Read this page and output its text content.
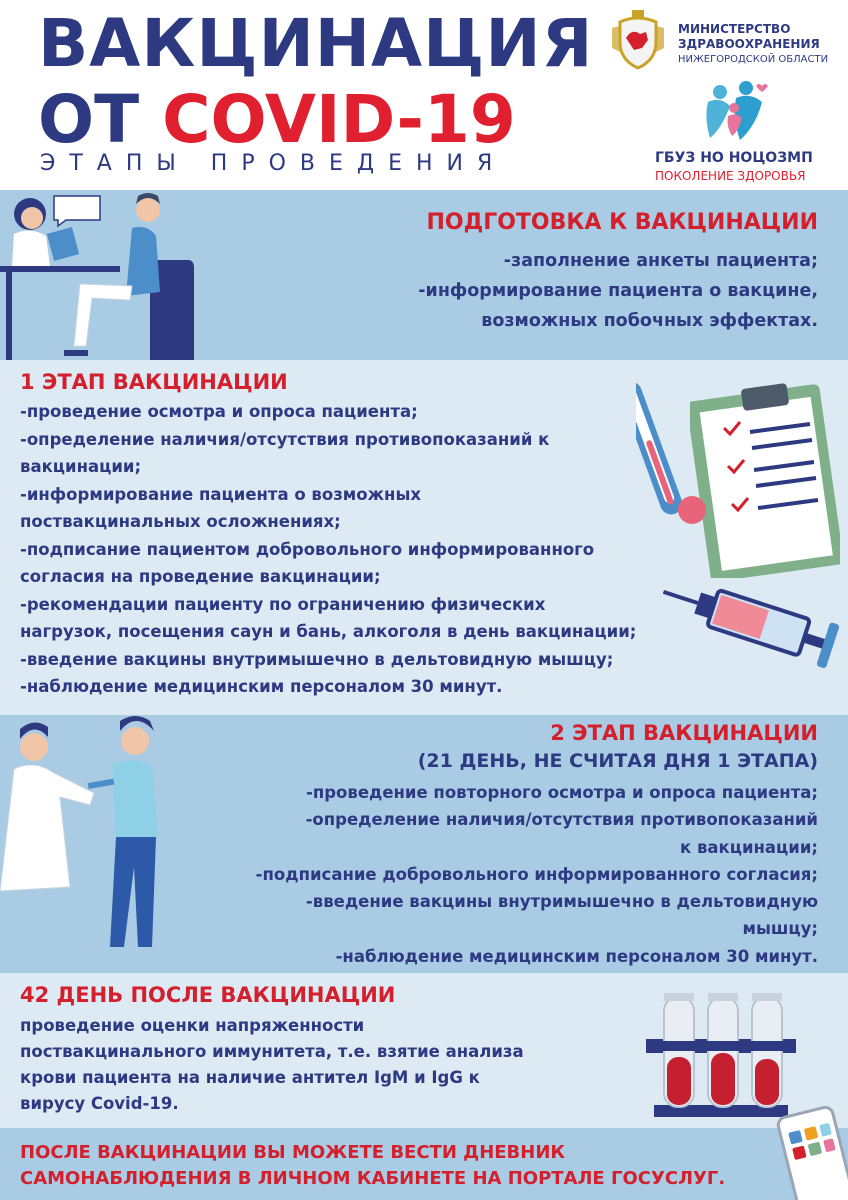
ВАКЦИНАЦИЯ
ОТ COVID-19
ЭТАПЫ ПРОВЕДЕНИЯ
МИНИСТЕРСТВО
ЗДРАВООХРАНЕНИЯ
НИЖЕГОРОДСКОЙ ОБЛАСТИ
ГБУЗ НО НОЦОЗМП
ПОКОЛЕНИЕ ЗДОРОВЬЯ
ПОДГОТОВКА К ВАКЦИНАЦИИ
-заполнение анкеты пациента;
-информирование пациента о вакцине,
возможных побочных эффектах.
1 ЭТАП ВАКЦИНАЦИИ
-проведение осмотра и опроса пациента;
-определение наличия/отсутствия противопоказаний к
вакцинации;
-информирование пациента о возможных
поствакцинальных осложнениях;
-подписание пациентом добровольного информированного
согласия на проведение вакцинации;
-рекомендации пациенту по ограничению физических
нагрузок, посещения саун и бань, алкоголя в день вакцинации;
-введение вакцины внутримышечно в дельтовидную мышцу;
-наблюдение медицинским персоналом 30 минут.
2 ЭТАП ВАКЦИНАЦИИ
(21 ДЕНЬ, НЕ СЧИТАЯ ДНЯ 1 ЭТАПА)
-проведение повторного осмотра и опроса пациента;
-определение наличия/отсутствия противопоказаний
к вакцинации;
-подписание добровольного информированного согласия;
-введение вакцины внутримышечно в дельтовидную
мышцу;
-наблюдение медицинским персоналом 30 минут.
42 ДЕНЬ ПОСЛЕ ВАКЦИНАЦИИ
проведение оценки напряженности
поствакцинального иммунитета, т.е. взятие анализа
крови пациента на наличие антител IgM и IgG к
вирусу Covid-19.
ПОСЛЕ ВАКЦИНАЦИИ ВЫ МОЖЕТЕ ВЕСТИ ДНЕВНИК
САМОНАБЛЮДЕНИЯ В ЛИЧНОМ КАБИНЕТЕ НА ПОРТАЛЕ ГОСУСЛУГ.
